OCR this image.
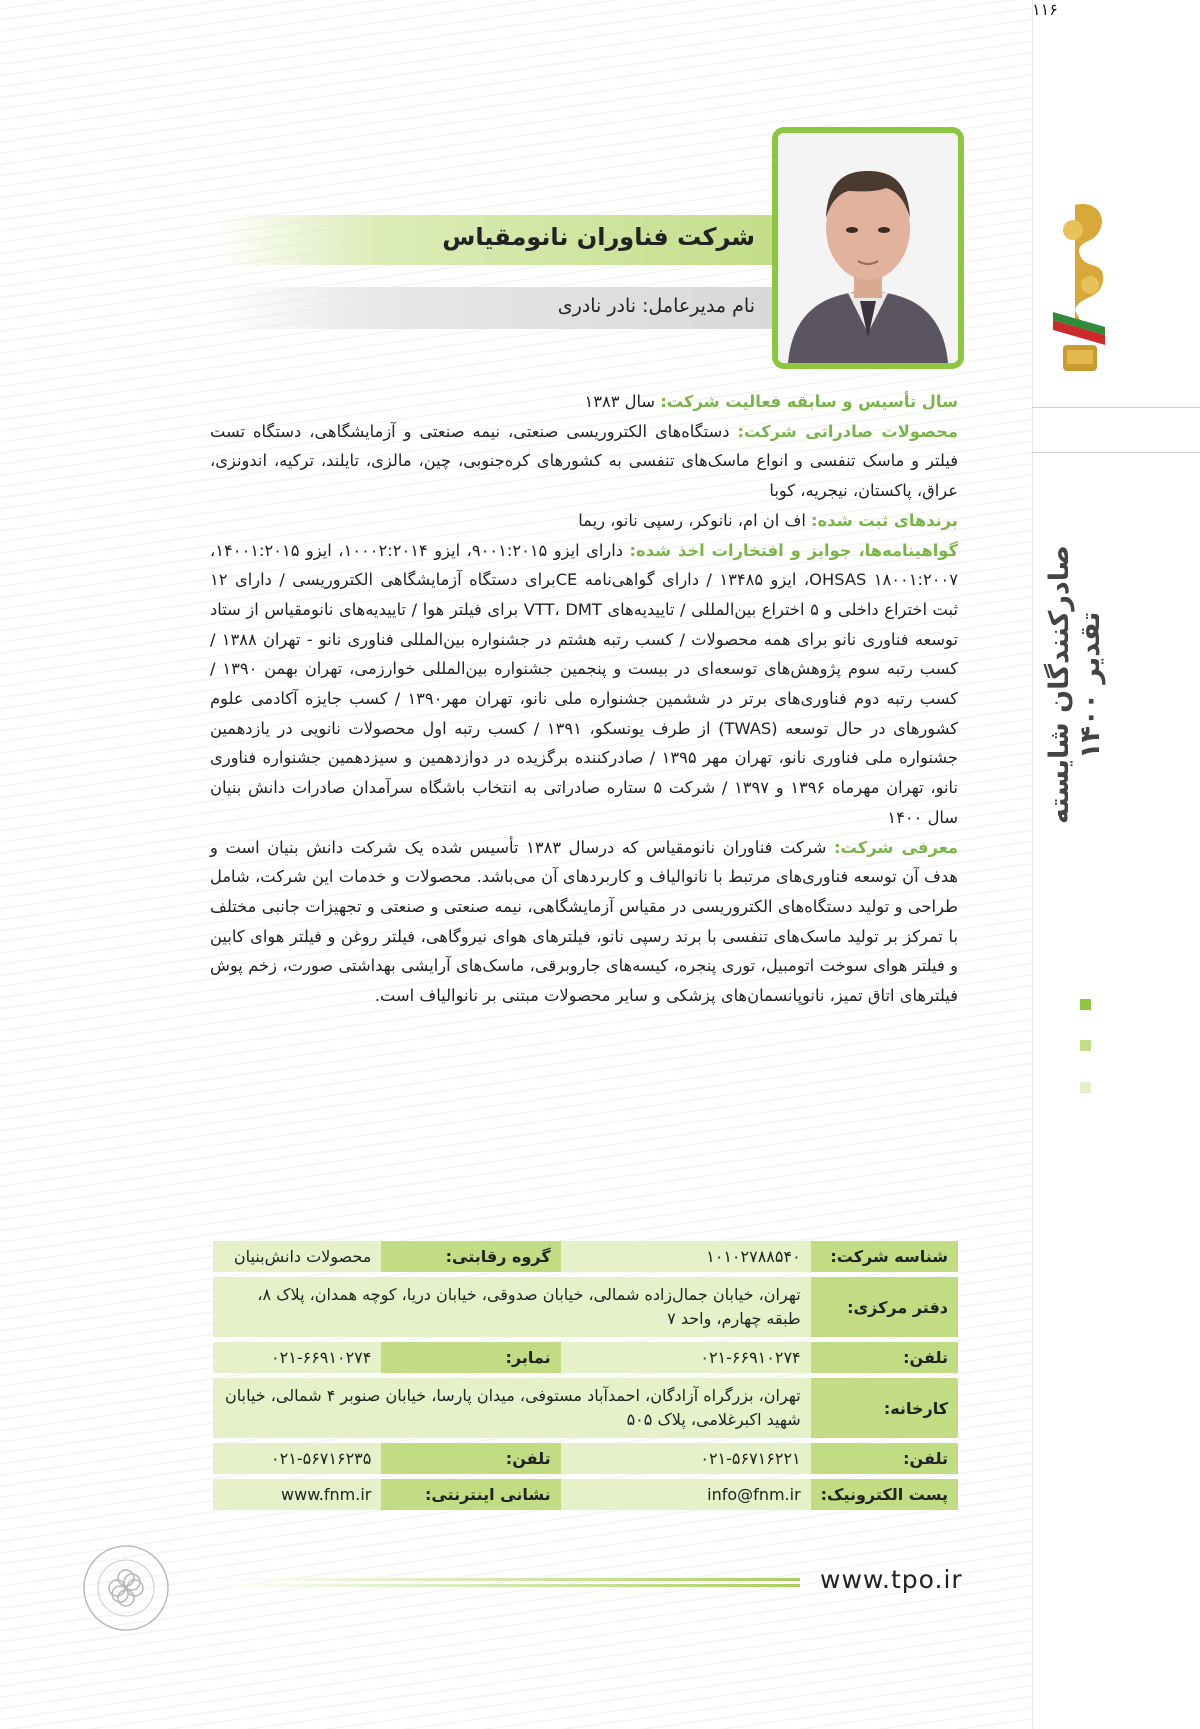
۱۱۶
صادرکنندگان شایسته تقدیر ۱۴۰۰
شرکت فناوران نانومقیاس
نام مدیرعامل: نادر نادری

سال تأسیس و سابقه فعالیت شرکت: سال ۱۳۸۳

محصولات صادراتی شرکت: دستگاه‌های الکتروریسی صنعتی، نیمه صنعتی و آزمایشگاهی، دستگاه تست فیلتر و ماسک تنفسی و انواع ماسک‌های تنفسی به کشورهای کره‌جنوبی، چین، مالزی، تایلند، ترکیه، اندونزی، عراق، پاکستان، نیجریه، کوبا

برندهای ثبت شده: اف ان ام، نانوکر، رسپی نانو، ریما

گواهینامه‌ها، جوایز و افتخارات اخذ شده: دارای ایزو ۹۰۰۱:۲۰۱۵، ایزو ۱۰۰۰۲:۲۰۱۴، ایزو ۱۴۰۰۱:۲۰۱۵، OHSAS ۱۸۰۰۱:۲۰۰۷، ایزو ۱۳۴۸۵ / دارای گواهی‌نامه CEبرای دستگاه آزمایشگاهی الکتروریسی / دارای ۱۲ ثبت اختراع داخلی و ۵ اختراع بین‌المللی / تاییدیه‌های VTT، DMT برای فیلتر هوا / تاییدیه‌های نانومقیاس از ستاد توسعه فناوری نانو برای همه محصولات / کسب رتبه هشتم در جشنواره بین‌المللی فناوری نانو - تهران ۱۳۸۸ / کسب رتبه سوم پژوهش‌های توسعه‌ای در بیست و پنجمین جشنواره بین‌المللی خوارزمی، تهران بهمن ۱۳۹۰ / کسب رتبه دوم فناوری‌های برتر در ششمین جشنواره ملی نانو، تهران مهر۱۳۹۰ / کسب جایزه آکادمی علوم کشورهای در حال توسعه (TWAS) از طرف یونسکو، ۱۳۹۱ / کسب رتبه اول محصولات نانویی در یازدهمین جشنواره ملی فناوری نانو، تهران مهر ۱۳۹۵ / صادرکننده برگزیده در دوازدهمین و سیزدهمین جشنواره فناوری نانو، تهران مهرماه ۱۳۹۶ و ۱۳۹۷ / شرکت ۵ ستاره صادراتی به انتخاب باشگاه سرآمدان صادرات دانش بنیان سال ۱۴۰۰

معرفی شرکت: شرکت فناوران نانومقیاس که درسال ۱۳۸۳ تأسیس شده یک شرکت دانش بنیان است و هدف آن توسعه فناوری‌های مرتبط با نانوالیاف و کاربردهای آن می‌باشد. محصولات و خدمات این شرکت، شامل طراحی و تولید دستگاه‌های الکتروریسی در مقیاس آزمایشگاهی، نیمه صنعتی و صنعتی و تجهیزات جانبی مختلف با تمرکز بر تولید ماسک‌های تنفسی با برند رسپی نانو، فیلترهای هوای نیروگاهی، فیلتر روغن و فیلتر هوای کابین و فیلتر هوای سوخت اتومبیل، توری پنجره، کیسه‌های جاروبرقی، ماسک‌های آرایشی بهداشتی صورت، زخم پوش فیلترهای اتاق تمیز، نانوپانسمان‌های پزشکی و سایر محصولات مبتنی بر نانوالیاف است.

شناسه شرکت:	۱۰۱۰۲۷۸۸۵۴۰	گروه رقابتی:	محصولات دانش‌بنیان
دفتر مرکزی:	تهران، خیابان جمال‌زاده شمالی، خیابان صدوقی، خیابان دریا، کوچه همدان، پلاک ۸، طبقه چهارم، واحد ۷		
تلفن:	۰۲۱-۶۶۹۱۰۲۷۴	نمابر:	۰۲۱-۶۶۹۱۰۲۷۴
کارخانه:	تهران، بزرگراه آزادگان، احمدآباد مستوفی، میدان پارسا، خیابان صنوبر ۴ شمالی، خیابان شهید اکبرغلامی، پلاک ۵۰۵		
تلفن:	۰۲۱-۵۶۷۱۶۲۲۱	تلفن:	۰۲۱-۵۶۷۱۶۲۳۵
پست الکترونیک:	info@fnm.ir	نشانی اینترنتی:	www.fnm.ir
www.tpo.ir
